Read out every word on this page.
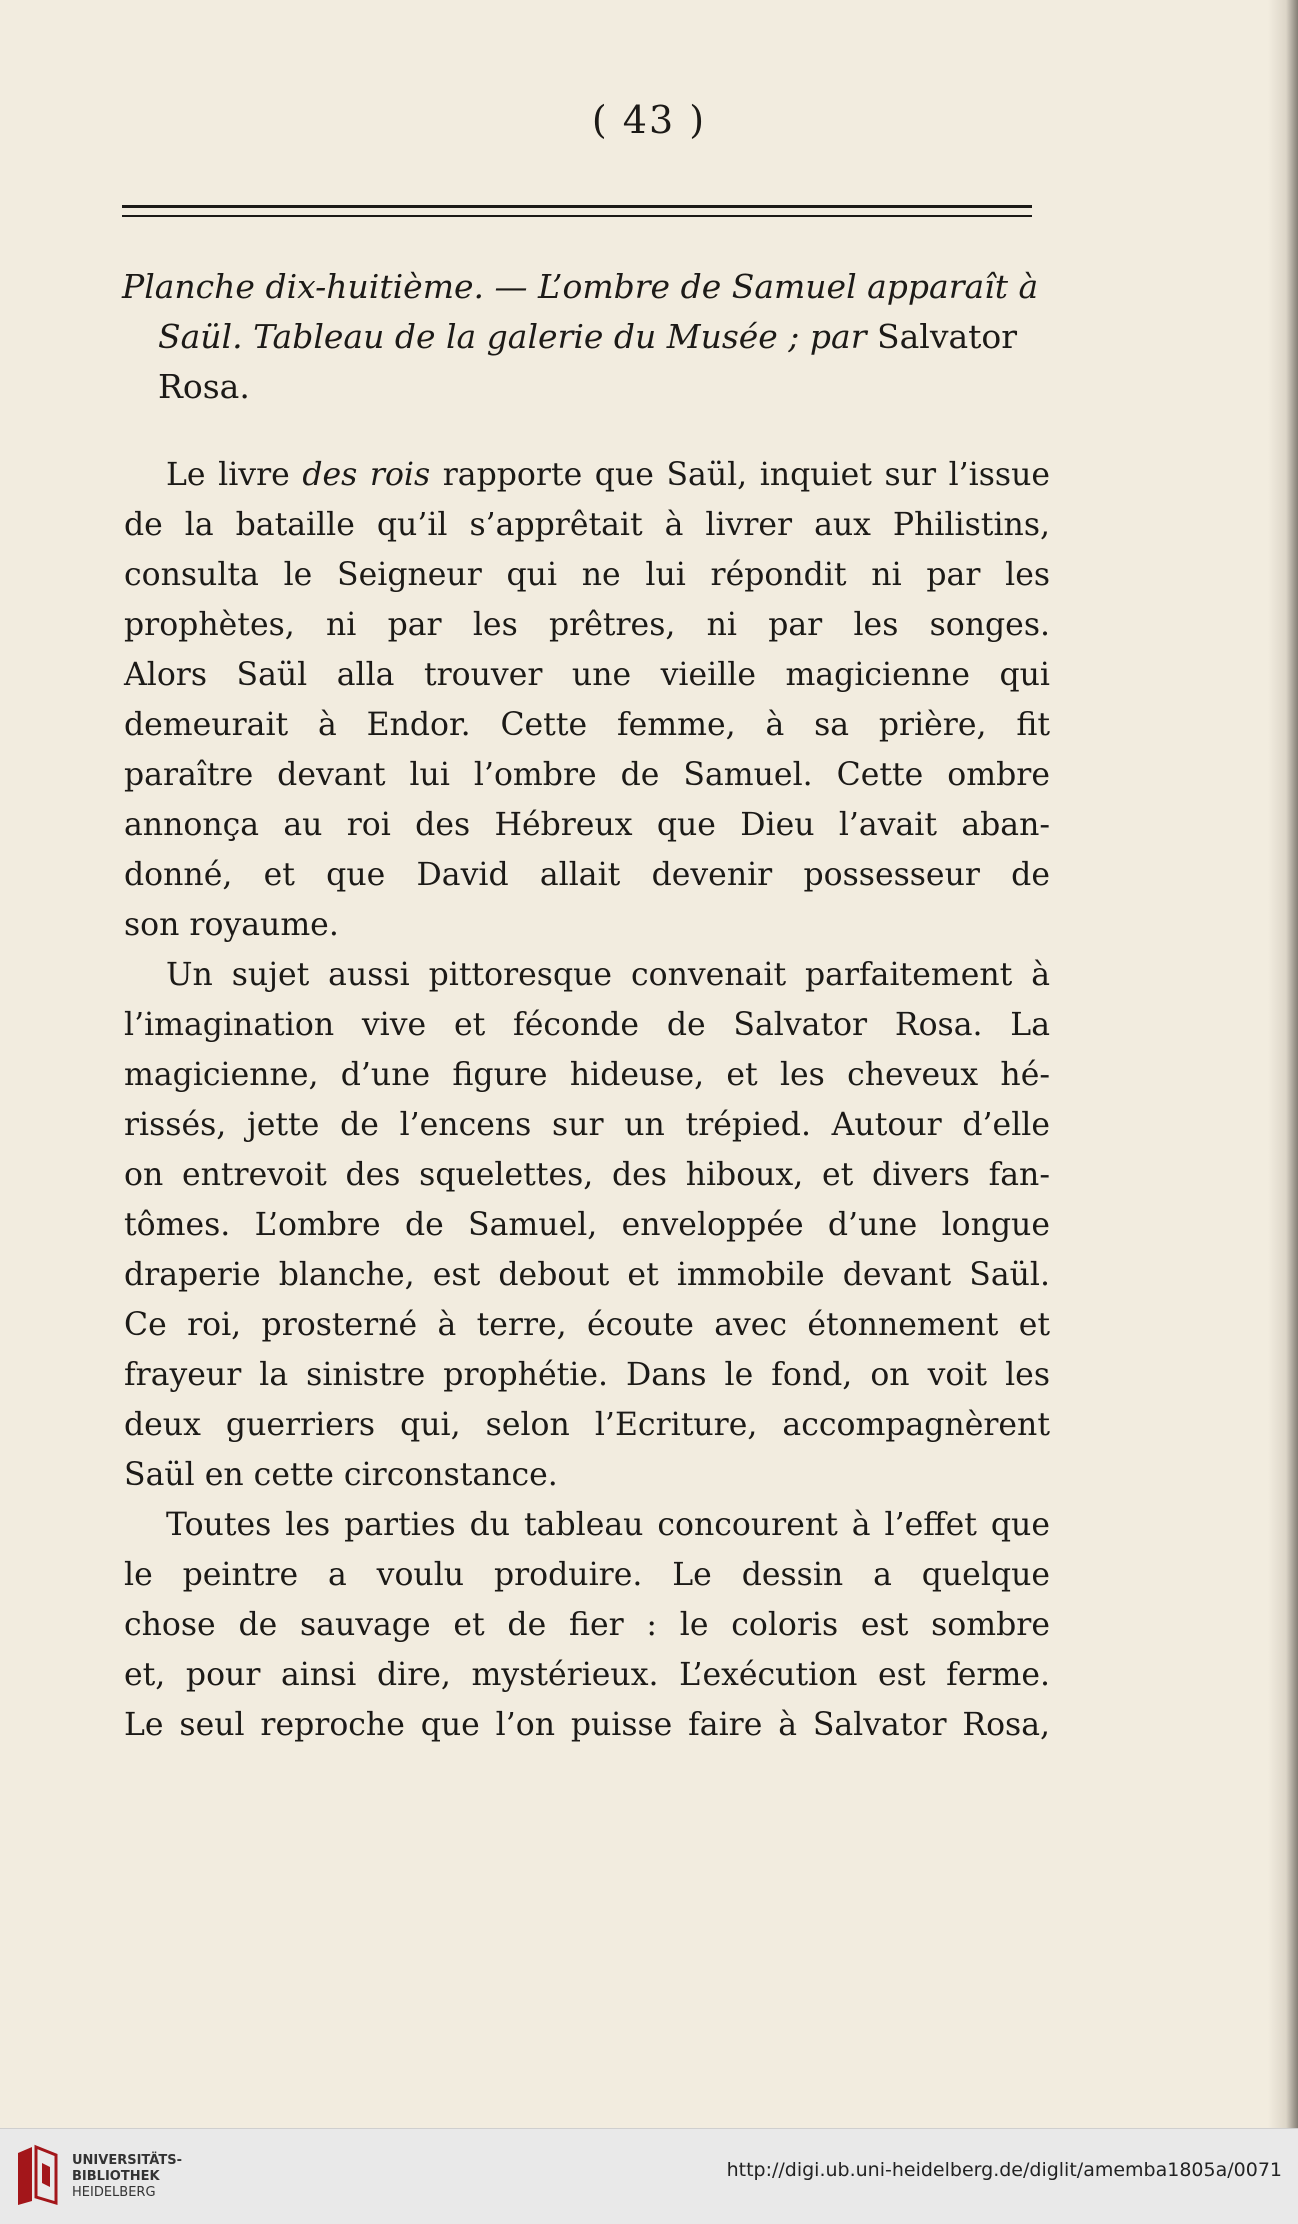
( 43 )
Planche dix-huitième. — L’ombre de Samuel apparaît à
Saül. Tableau de la galerie du Musée ; par Salvator
Rosa.
Le livre des rois rapporte que Saül, inquiet sur l’issue
de la bataille qu’il s’apprêtait à livrer aux Philistins,
consulta le Seigneur qui ne lui répondit ni par les
prophètes, ni par les prêtres, ni par les songes.
Alors Saül alla trouver une vieille magicienne qui
demeurait à Endor. Cette femme, à sa prière, fit
paraître devant lui l’ombre de Samuel. Cette ombre
annonça au roi des Hébreux que Dieu l’avait aban-
donné, et que David allait devenir possesseur de
son royaume.
Un sujet aussi pittoresque convenait parfaitement à
l’imagination vive et féconde de Salvator Rosa. La
magicienne, d’une figure hideuse, et les cheveux hé-
rissés, jette de l’encens sur un trépied. Autour d’elle
on entrevoit des squelettes, des hiboux, et divers fan-
tômes. L’ombre de Samuel, enveloppée d’une longue
draperie blanche, est debout et immobile devant Saül.
Ce roi, prosterné à terre, écoute avec étonnement et
frayeur la sinistre prophétie. Dans le fond, on voit les
deux guerriers qui, selon l’Ecriture, accompagnèrent
Saül en cette circonstance.
Toutes les parties du tableau concourent à l’effet que
le peintre a voulu produire. Le dessin a quelque
chose de sauvage et de fier : le coloris est sombre
et, pour ainsi dire, mystérieux. L’exécution est ferme.
Le seul reproche que l’on puisse faire à Salvator Rosa,
UNIVERSITÄTS-
BIBLIOTHEK
HEIDELBERG
http://digi.ub.uni-heidelberg.de/diglit/amemba1805a/0071
